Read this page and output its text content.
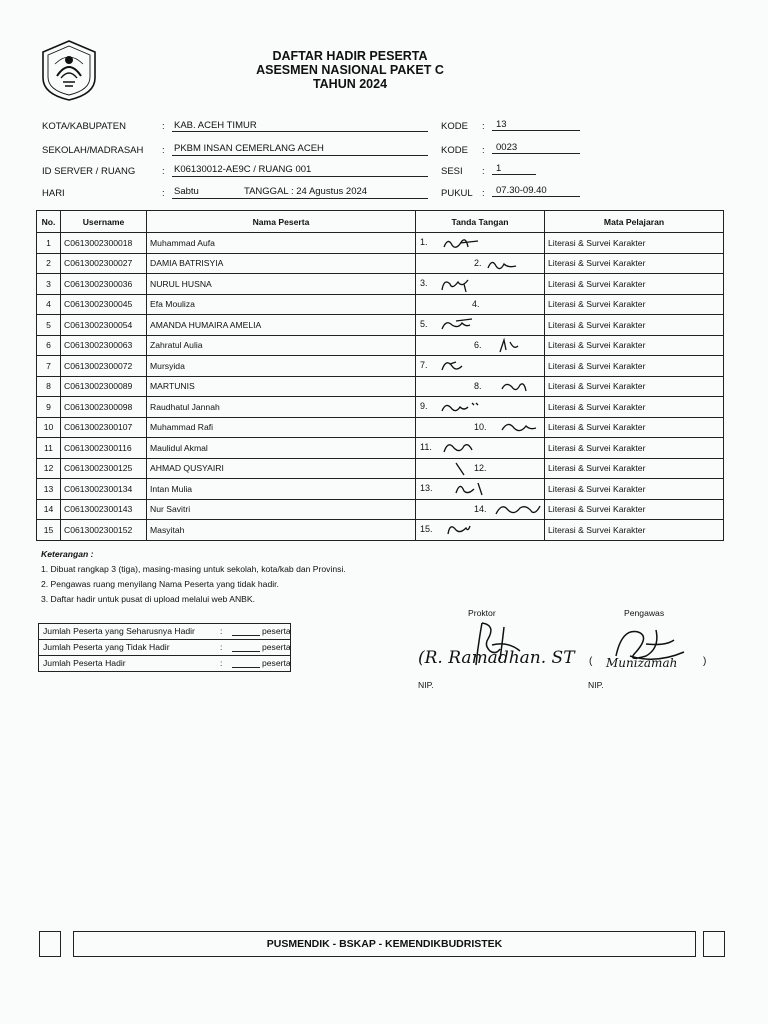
DAFTAR HADIR PESERTA
ASESMEN NASIONAL PAKET C
TAHUN 2024
KOTA/KABUPATEN	: KAB. ACEH TIMUR
SEKOLAH/MADRASAH : PKBM INSAN CEMERLANG ACEH
ID SERVER / RUANG	: K06130012-AE9C / RUANG 001
HARI	: Sabtu	TANGGAL : 24 Agustus 2024
KODE : 13
KODE : 0023
SESI : 1
PUKUL : 07.30-09.40
No.	Username	Nama Peserta	Tanda Tangan	Mata Pelajaran
1	C0613002300018	Muhammad Aufa	1.	Literasi & Survei Karakter
2	C0613002300027	DAMIA BATRISYIA	2.	Literasi & Survei Karakter
3	C0613002300036	NURUL HUSNA	3.	Literasi & Survei Karakter
4	C0613002300045	Efa Mouliza	4.	Literasi & Survei Karakter
5	C0613002300054	AMANDA HUMAIRA AMELIA	5.	Literasi & Survei Karakter
6	C0613002300063	Zahratul Aulia	6.	Literasi & Survei Karakter
7	C0613002300072	Mursyida	7.	Literasi & Survei Karakter
8	C0613002300089	MARTUNIS	8.	Literasi & Survei Karakter
9	C0613002300098	Raudhatul Jannah	9.	Literasi & Survei Karakter
10	C0613002300107	Muhammad Rafi	10.	Literasi & Survei Karakter
11	C0613002300116	Maulidul Akmal	11.	Literasi & Survei Karakter
12	C0613002300125	AHMAD QUSYAIRI	12.	Literasi & Survei Karakter
13	C0613002300134	Intan Mulia	13.	Literasi & Survei Karakter
14	C0613002300143	Nur Savitri	14.	Literasi & Survei Karakter
15	C0613002300152	Masyitah	15.	Literasi & Survei Karakter
Keterangan :
1. Dibuat rangkap 3 (tiga), masing-masing untuk sekolah, kota/kab dan Provinsi.
2. Pengawas ruang menyilang Nama Peserta yang tidak hadir.
3. Daftar hadir untuk pusat di upload melalui web ANBK.
Jumlah Peserta yang Seharusnya Hadir	:	peserta
Jumlah Peserta yang Tidak Hadir	:	peserta
Jumlah Peserta Hadir	:	peserta
Proktor	Pengawas
(R. Ramadhan. ST ( Munizamah	)
NIP.	NIP.
PUSMENDIK - BSKAP - KEMENDIKBUDRISTEK
